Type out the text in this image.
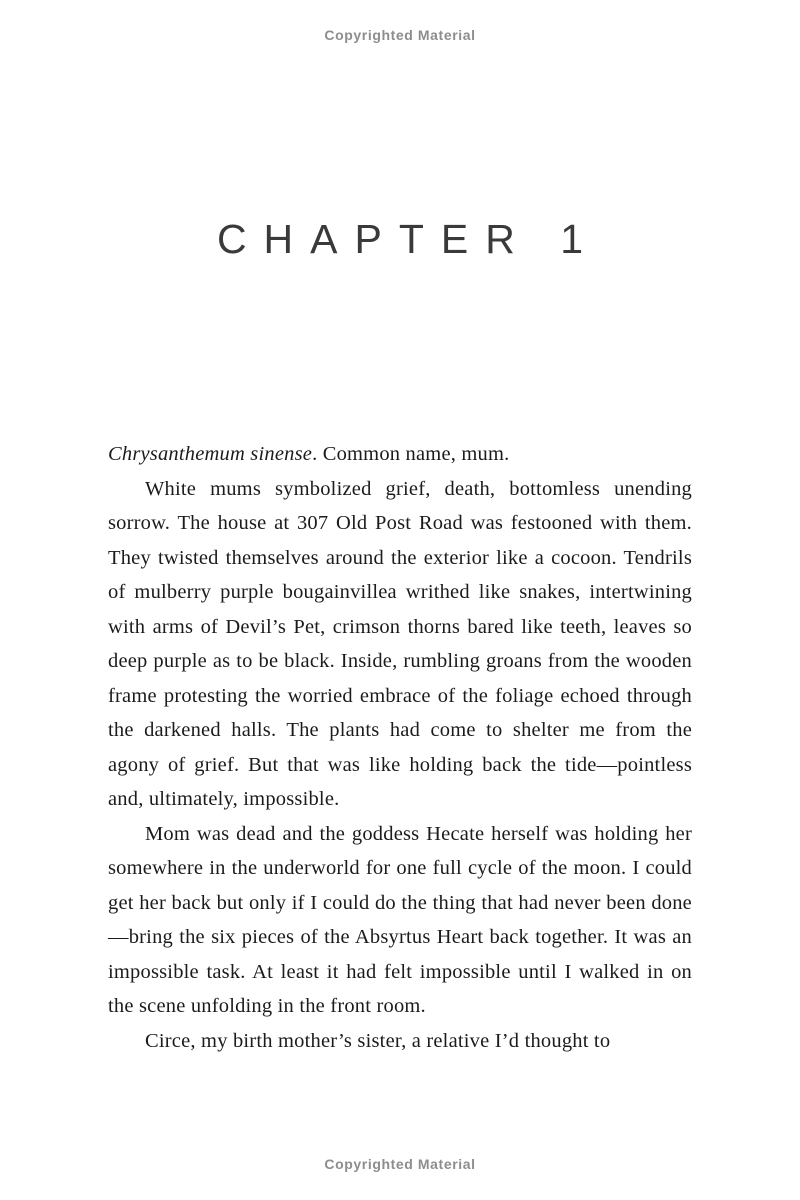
Copyrighted Material
CHAPTER 1

Chrysanthemum sinense. Common name, mum.

White mums symbolized grief, death, bottomless unending sorrow. The house at 307 Old Post Road was festooned with them. They twisted themselves around the exterior like a cocoon. Tendrils of mulberry purple bougainvillea writhed like snakes, intertwining with arms of Devil’s Pet, crimson thorns bared like teeth, leaves so deep purple as to be black. Inside, rumbling groans from the wooden frame protesting the worried embrace of the foliage echoed through the darkened halls. The plants had come to shelter me from the agony of grief. But that was like holding back the tide—pointless and, ultimately, impossible.

Mom was dead and the goddess Hecate herself was holding her somewhere in the underworld for one full cycle of the moon. I could get her back but only if I could do the thing that had never been done—bring the six pieces of the Absyrtus Heart back together. It was an impossible task. At least it had felt impossible until I walked in on the scene unfolding in the front room.

Circe, my birth mother’s sister, a relative I’d thought to

Copyrighted Material
